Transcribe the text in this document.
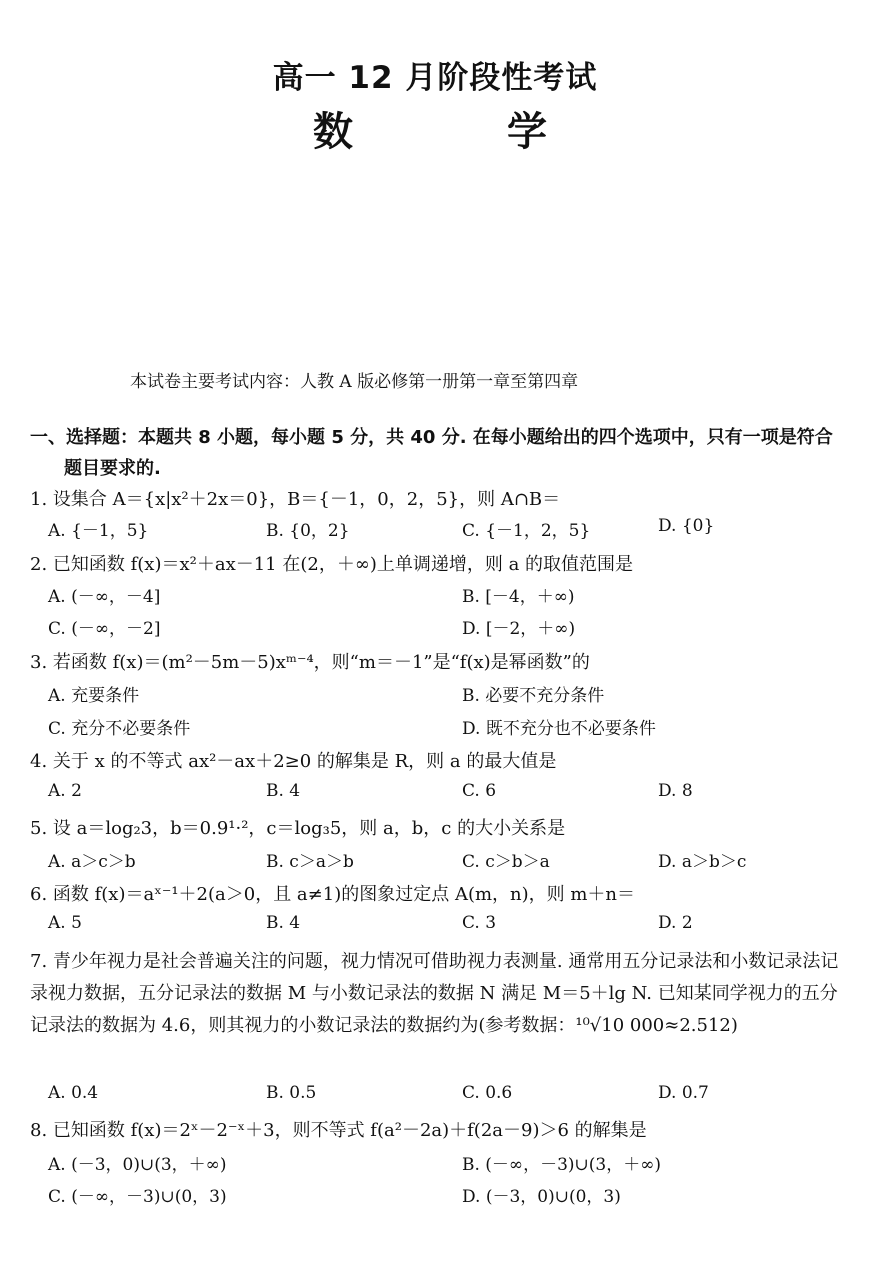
高一 12 月阶段性考试
数 学
本试卷主要考试内容：人教 A 版必修第一册第一章至第四章
一、选择题：本题共 8 小题，每小题 5 分，共 40 分. 在每小题给出的四个选项中，只有一项是符合
题目要求的.
1. 设集合 A＝{x|x²＋2x＝0}，B＝{－1，0，2，5}，则 A∩B＝
A. {－1，5}	B. {0，2}	C. {－1，2，5}	D. {0}
2. 已知函数 f(x)＝x²＋ax－11 在(2，＋∞)上单调递增，则 a 的取值范围是
A. (－∞，－4]	B. [－4，＋∞)
C. (－∞，－2]	D. [－2，＋∞)
3. 若函数 f(x)＝(m²－5m－5)xᵐ⁻⁴，则“m＝－1”是“f(x)是幂函数”的
A. 充要条件	B. 必要不充分条件
C. 充分不必要条件	D. 既不充分也不必要条件
4. 关于 x 的不等式 ax²－ax＋2≥0 的解集是 R，则 a 的最大值是
A. 2	B. 4	C. 6	D. 8
5. 设 a＝log₂3，b＝0.9¹·²，c＝log₃5，则 a，b，c 的大小关系是
A. a＞c＞b	B. c＞a＞b	C. c＞b＞a	D. a＞b＞c
6. 函数 f(x)＝aˣ⁻¹＋2(a＞0，且 a≠1)的图象过定点 A(m，n)，则 m＋n＝
A. 5	B. 4	C. 3	D. 2
7. 青少年视力是社会普遍关注的问题，视力情况可借助视力表测量. 通常用五分记录法和小数记录法记录视力数据，五分记录法的数据 M 与小数记录法的数据 N 满足 M＝5＋lg N. 已知某同学视力的五分记录法的数据为 4.6，则其视力的小数记录法的数据约为(参考数据：¹⁰√10 000≈2.512)
A. 0.4	B. 0.5	C. 0.6	D. 0.7
8. 已知函数 f(x)＝2ˣ－2⁻ˣ＋3，则不等式 f(a²－2a)＋f(2a－9)＞6 的解集是
A. (－3，0)∪(3，＋∞)	B. (－∞，－3)∪(3，＋∞)
C. (－∞，－3)∪(0，3)	D. (－3，0)∪(0，3)
